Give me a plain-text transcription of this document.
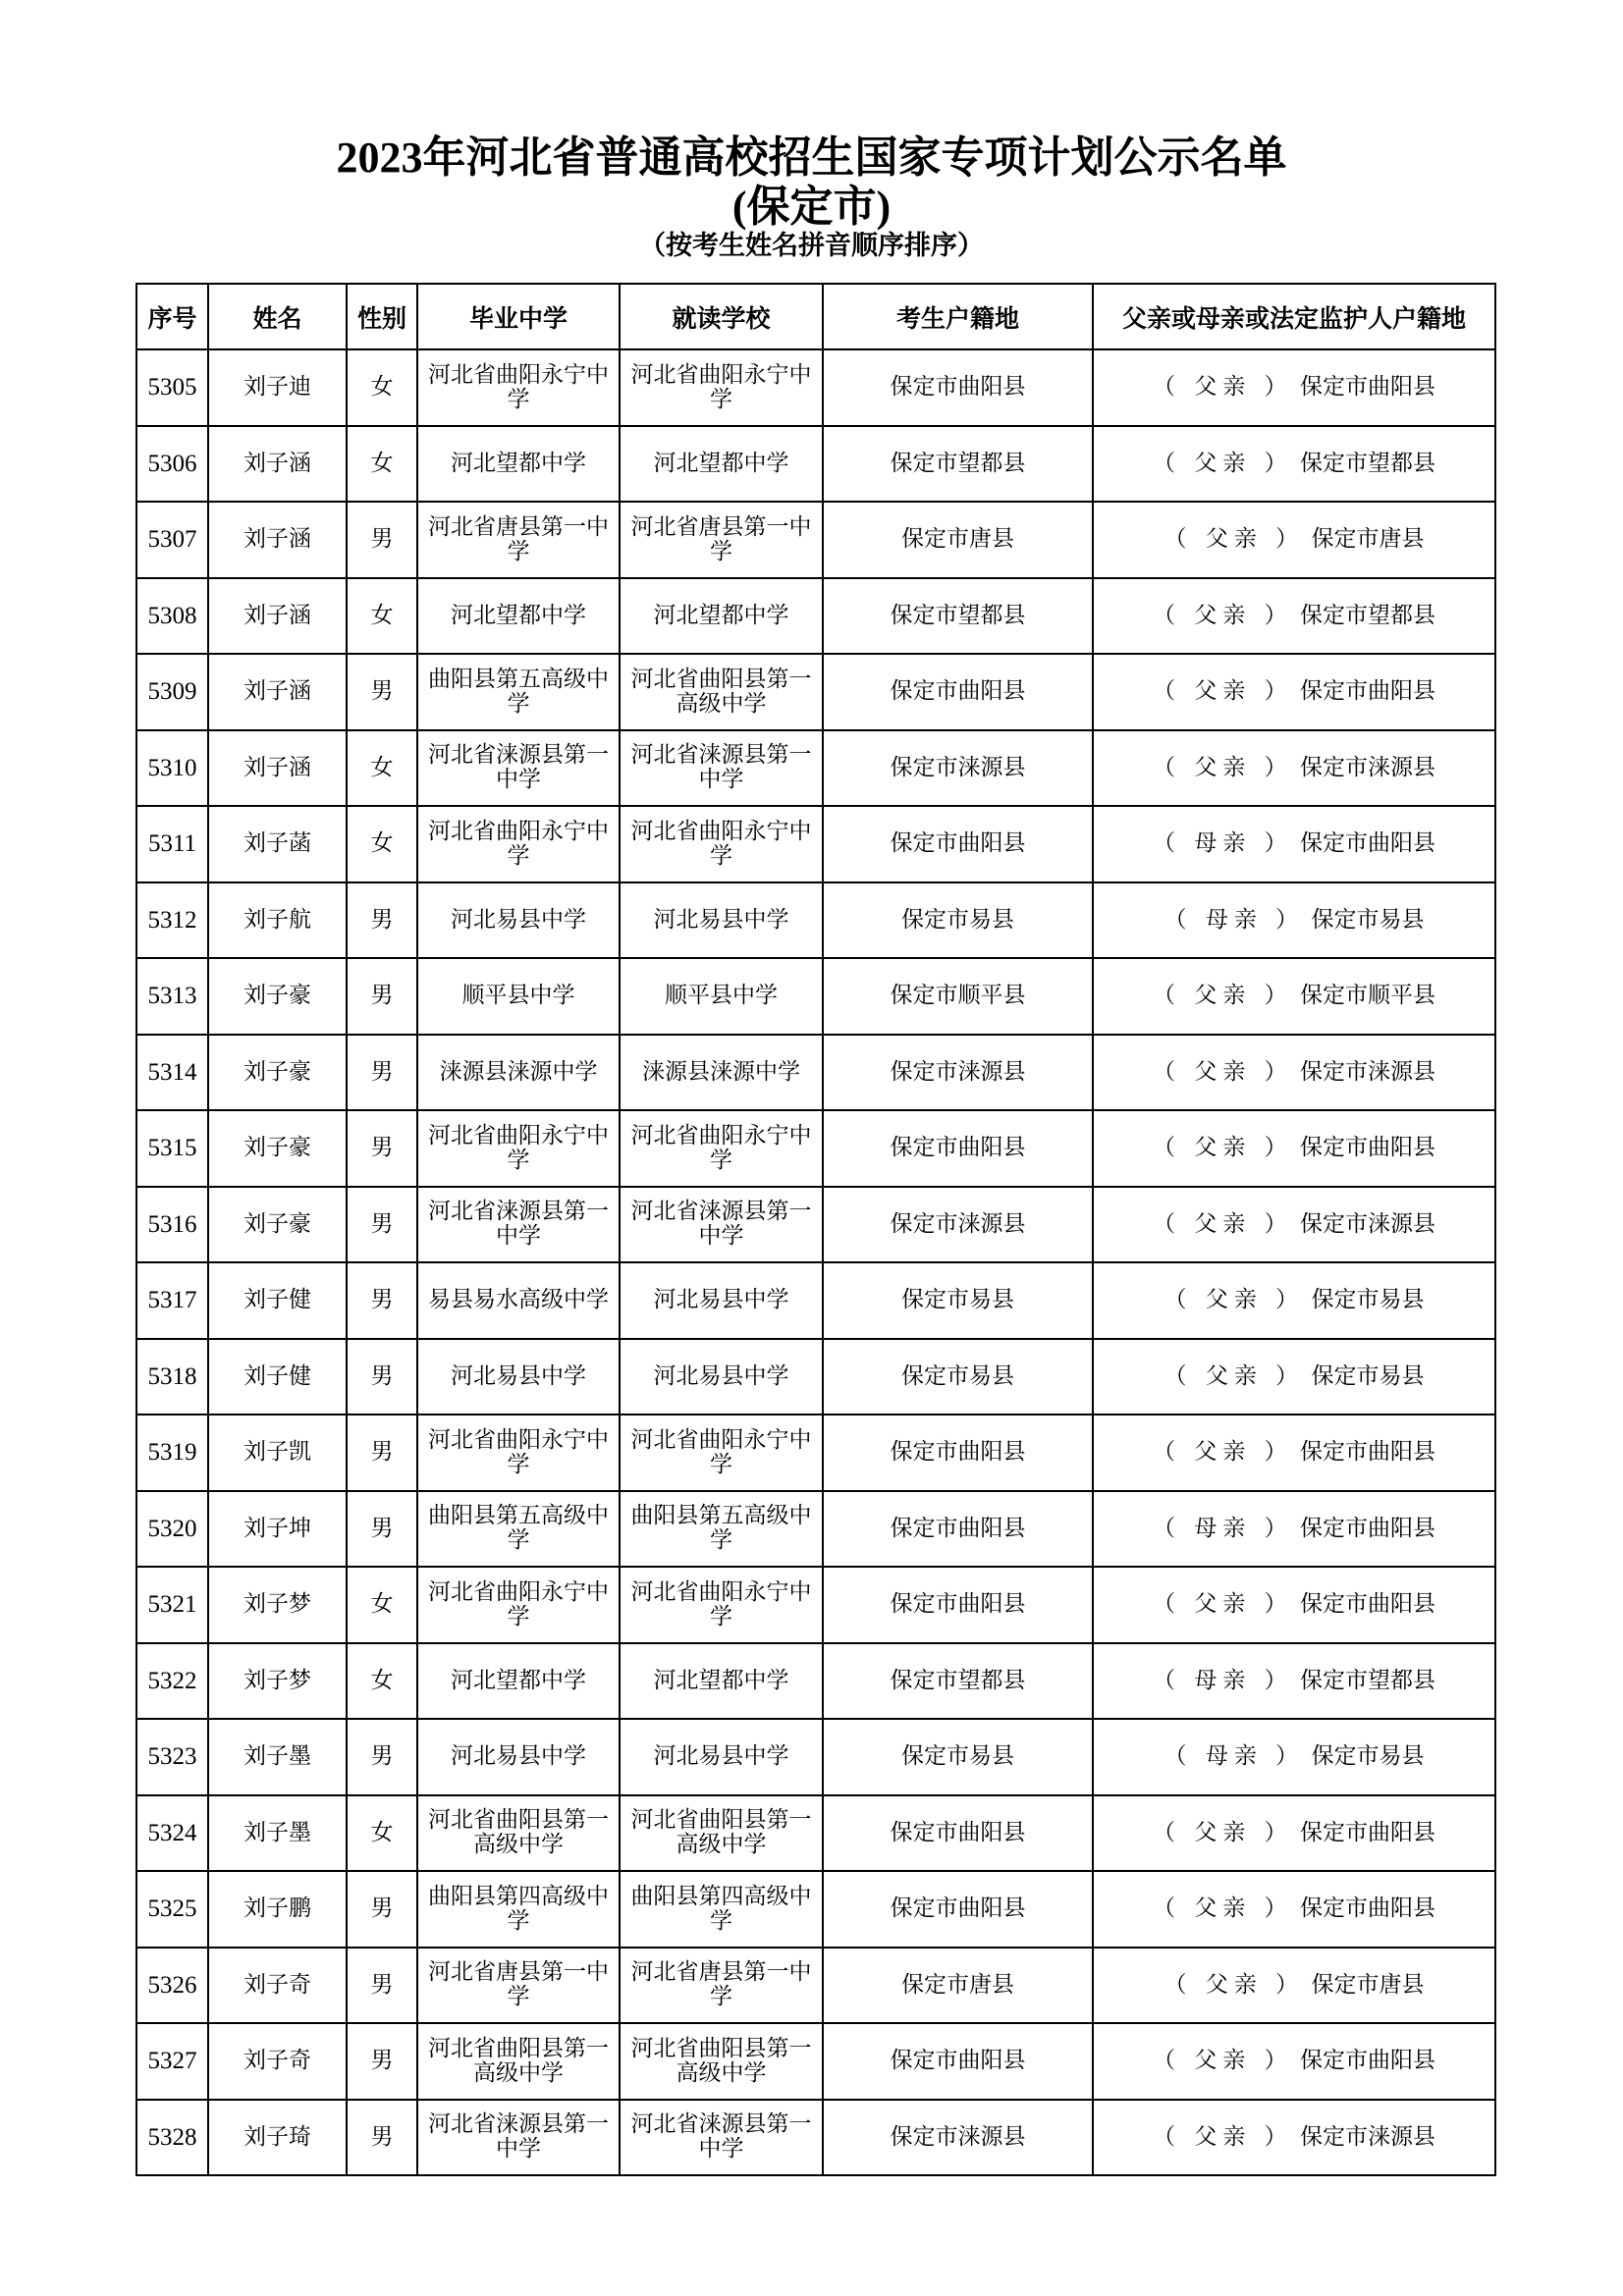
2023年河北省普通高校招生国家专项计划公示名单
(保定市)
（按考生姓名拼音顺序排序）
序号	姓名	性别	毕业中学	就读学校	考生户籍地	父亲或母亲或法定监护人户籍地
5305	刘子迪	女	河北省曲阳永宁中学	河北省曲阳永宁中学	保定市曲阳县	（ 父亲 ） 保定市曲阳县
5306	刘子涵	女	河北望都中学	河北望都中学	保定市望都县	（ 父亲 ） 保定市望都县
5307	刘子涵	男	河北省唐县第一中学	河北省唐县第一中学	保定市唐县	（ 父亲 ） 保定市唐县
5308	刘子涵	女	河北望都中学	河北望都中学	保定市望都县	（ 父亲 ） 保定市望都县
5309	刘子涵	男	曲阳县第五高级中学	河北省曲阳县第一高级中学	保定市曲阳县	（ 父亲 ） 保定市曲阳县
5310	刘子涵	女	河北省涞源县第一中学	河北省涞源县第一中学	保定市涞源县	（ 父亲 ） 保定市涞源县
5311	刘子菡	女	河北省曲阳永宁中学	河北省曲阳永宁中学	保定市曲阳县	（ 母亲 ） 保定市曲阳县
5312	刘子航	男	河北易县中学	河北易县中学	保定市易县	（ 母亲 ） 保定市易县
5313	刘子豪	男	顺平县中学	顺平县中学	保定市顺平县	（ 父亲 ） 保定市顺平县
5314	刘子豪	男	涞源县涞源中学	涞源县涞源中学	保定市涞源县	（ 父亲 ） 保定市涞源县
5315	刘子豪	男	河北省曲阳永宁中学	河北省曲阳永宁中学	保定市曲阳县	（ 父亲 ） 保定市曲阳县
5316	刘子豪	男	河北省涞源县第一中学	河北省涞源县第一中学	保定市涞源县	（ 父亲 ） 保定市涞源县
5317	刘子健	男	易县易水高级中学	河北易县中学	保定市易县	（ 父亲 ） 保定市易县
5318	刘子健	男	河北易县中学	河北易县中学	保定市易县	（ 父亲 ） 保定市易县
5319	刘子凯	男	河北省曲阳永宁中学	河北省曲阳永宁中学	保定市曲阳县	（ 父亲 ） 保定市曲阳县
5320	刘子坤	男	曲阳县第五高级中学	曲阳县第五高级中学	保定市曲阳县	（ 母亲 ） 保定市曲阳县
5321	刘子梦	女	河北省曲阳永宁中学	河北省曲阳永宁中学	保定市曲阳县	（ 父亲 ） 保定市曲阳县
5322	刘子梦	女	河北望都中学	河北望都中学	保定市望都县	（ 母亲 ） 保定市望都县
5323	刘子墨	男	河北易县中学	河北易县中学	保定市易县	（ 母亲 ） 保定市易县
5324	刘子墨	女	河北省曲阳县第一高级中学	河北省曲阳县第一高级中学	保定市曲阳县	（ 父亲 ） 保定市曲阳县
5325	刘子鹏	男	曲阳县第四高级中学	曲阳县第四高级中学	保定市曲阳县	（ 父亲 ） 保定市曲阳县
5326	刘子奇	男	河北省唐县第一中学	河北省唐县第一中学	保定市唐县	（ 父亲 ） 保定市唐县
5327	刘子奇	男	河北省曲阳县第一高级中学	河北省曲阳县第一高级中学	保定市曲阳县	（ 父亲 ） 保定市曲阳县
5328	刘子琦	男	河北省涞源县第一中学	河北省涞源县第一中学	保定市涞源县	（ 父亲 ） 保定市涞源县
